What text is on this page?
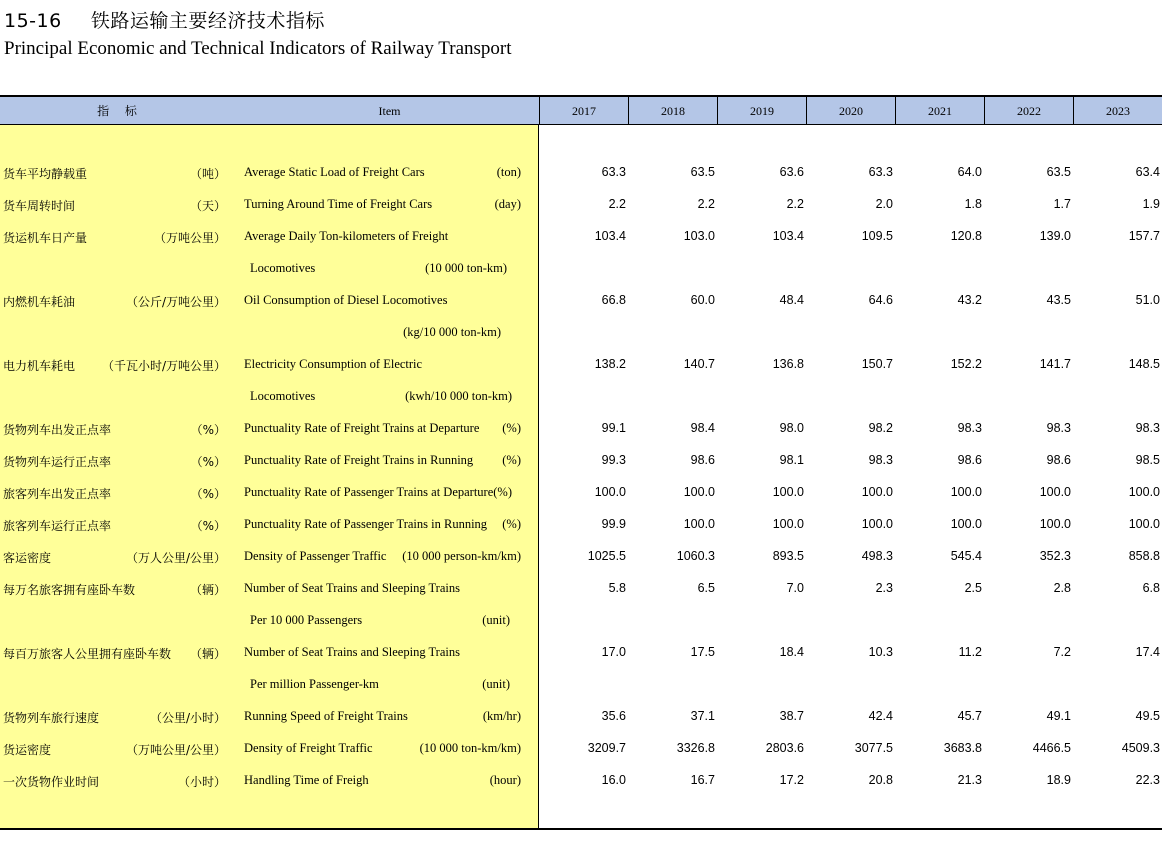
15-16 铁路运输主要经济技术指标
Principal Economic and Technical Indicators of Railway Transport
指 标	Item	2017	2018	2019	2020	2021	2022	2023
货车平均静载重	（吨） Average Static Load of Freight Cars	(ton)	63.3	63.5	63.6	63.3	64.0	63.5	63.4
货车周转时间	（天） Turning Around Time of Freight Cars	(day)	2.2	2.2	2.2	2.0	1.8	1.7	1.9
货运机车日产量	（万吨公里） Average Daily Ton-kilometers of Freight
Locomotives	(10 000 ton-km)
103.4	103.0	103.4	109.5	120.8	139.0	157.7
内燃机车耗油	（公斤/万吨公里） Oil Consumption of Diesel Locomotives
(kg/10 000 ton-km)
66.8	60.0	48.4	64.6	43.2	43.5	51.0
电力机车耗电 （千瓦小时/万吨公里） Electricity Consumption of Electric
Locomotives	(kwh/10 000 ton-km)
138.2	140.7	136.8	150.7	152.2	141.7	148.5
货物列车出发正点率	（%） Punctuality Rate of Freight Trains at Departure (%)	99.1	98.4	98.0	98.2	98.3	98.3	98.3
货物列车运行正点率	（%） Punctuality Rate of Freight Trains in Running (%)	99.3	98.6	98.1	98.3	98.6	98.6	98.5
旅客列车出发正点率	（%） Punctuality Rate of Passenger Trains at Departure(%)	100.0	100.0	100.0	100.0	100.0	100.0	100.0
旅客列车运行正点率	（%） Punctuality Rate of Passenger Trains in Running (%)	99.9	100.0	100.0	100.0	100.0	100.0	100.0
客运密度	（万人公里/公里） Density of Passenger Traffic (10 000 person-km/km)	1025.5	1060.3	893.5	498.3	545.4	352.3	858.8
每万名旅客拥有座卧车数	（辆） Number of Seat Trains and Sleeping Trains
Per 10 000 Passengers	(unit)
5.8	6.5	7.0	2.3	2.5	2.8	6.8
每百万旅客人公里拥有座卧车数 （辆） Number of Seat Trains and Sleeping Trains
Per million Passenger-km	(unit)
17.0	17.5	18.4	10.3	11.2	7.2	17.4
货物列车旅行速度	（公里/小时） Running Speed of Freight Trains	(km/hr)	35.6	37.1	38.7	42.4	45.7	49.1	49.5
货运密度	（万吨公里/公里） Density of Freight Traffic	(10 000 ton-km/km)	3209.7	3326.8	2803.6	3077.5	3683.8	4466.5	4509.3
一次货物作业时间	（小时） Handling Time of Freigh	(hour)	16.0	16.7	17.2	20.8	21.3	18.9	22.3
